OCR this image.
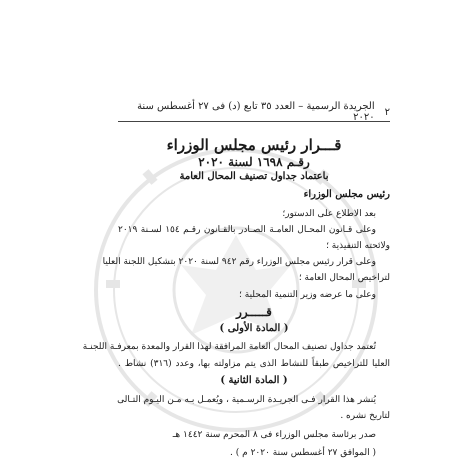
٢
الجريدة الرسمية – العدد ٣٥ تابع (د) فى ٢٧ أغسطس سنة ٢٠٢٠
قـــرار رئيس مجلس الوزراء
رقـم ١٦٩٨ لسنة ٢٠٢٠
باعتماد جداول تصنيف المحال العامة
رئيس مجلس الوزراء
بعد الاطلاع على الدستور؛
وعلى قـانون المحـال العامـة الصـادر بالقـانون رقـم ١٥٤ لسـنة ٢٠١٩
ولائحته التنفيذية ؛
وعلى قرار رئيس مجلس الوزراء رقم ٩٤٢ لسنة ٢٠٢٠ بتشكيل اللجنة العليا
لتراخيص المحال العامة ؛
وعلى ما عرضه وزير التنمية المحلية ؛
قـــــرر
( المادة الأولى )
تُعتمد جداول تصنيف المحال العامة المرافقة لهذا القرار والمعدة بمعرفـة اللجنـة
العليا للتراخيص طبقاً للنشاط الذى يتم مزاولته بها، وعدد (٣١٦) نشاط .
( المادة الثانية )
يُنشر هذا القرار فـى الجريـدة الرسـمية ، ويُعمـل بـه مـن اليـوم التـالى
لتاريخ نشره .
صدر برئاسة مجلس الوزراء فى ٨ المحرم سنة ١٤٤٢ هـ
( الموافق ٢٧ أغسطس سنة ٢٠٢٠ م ) .
